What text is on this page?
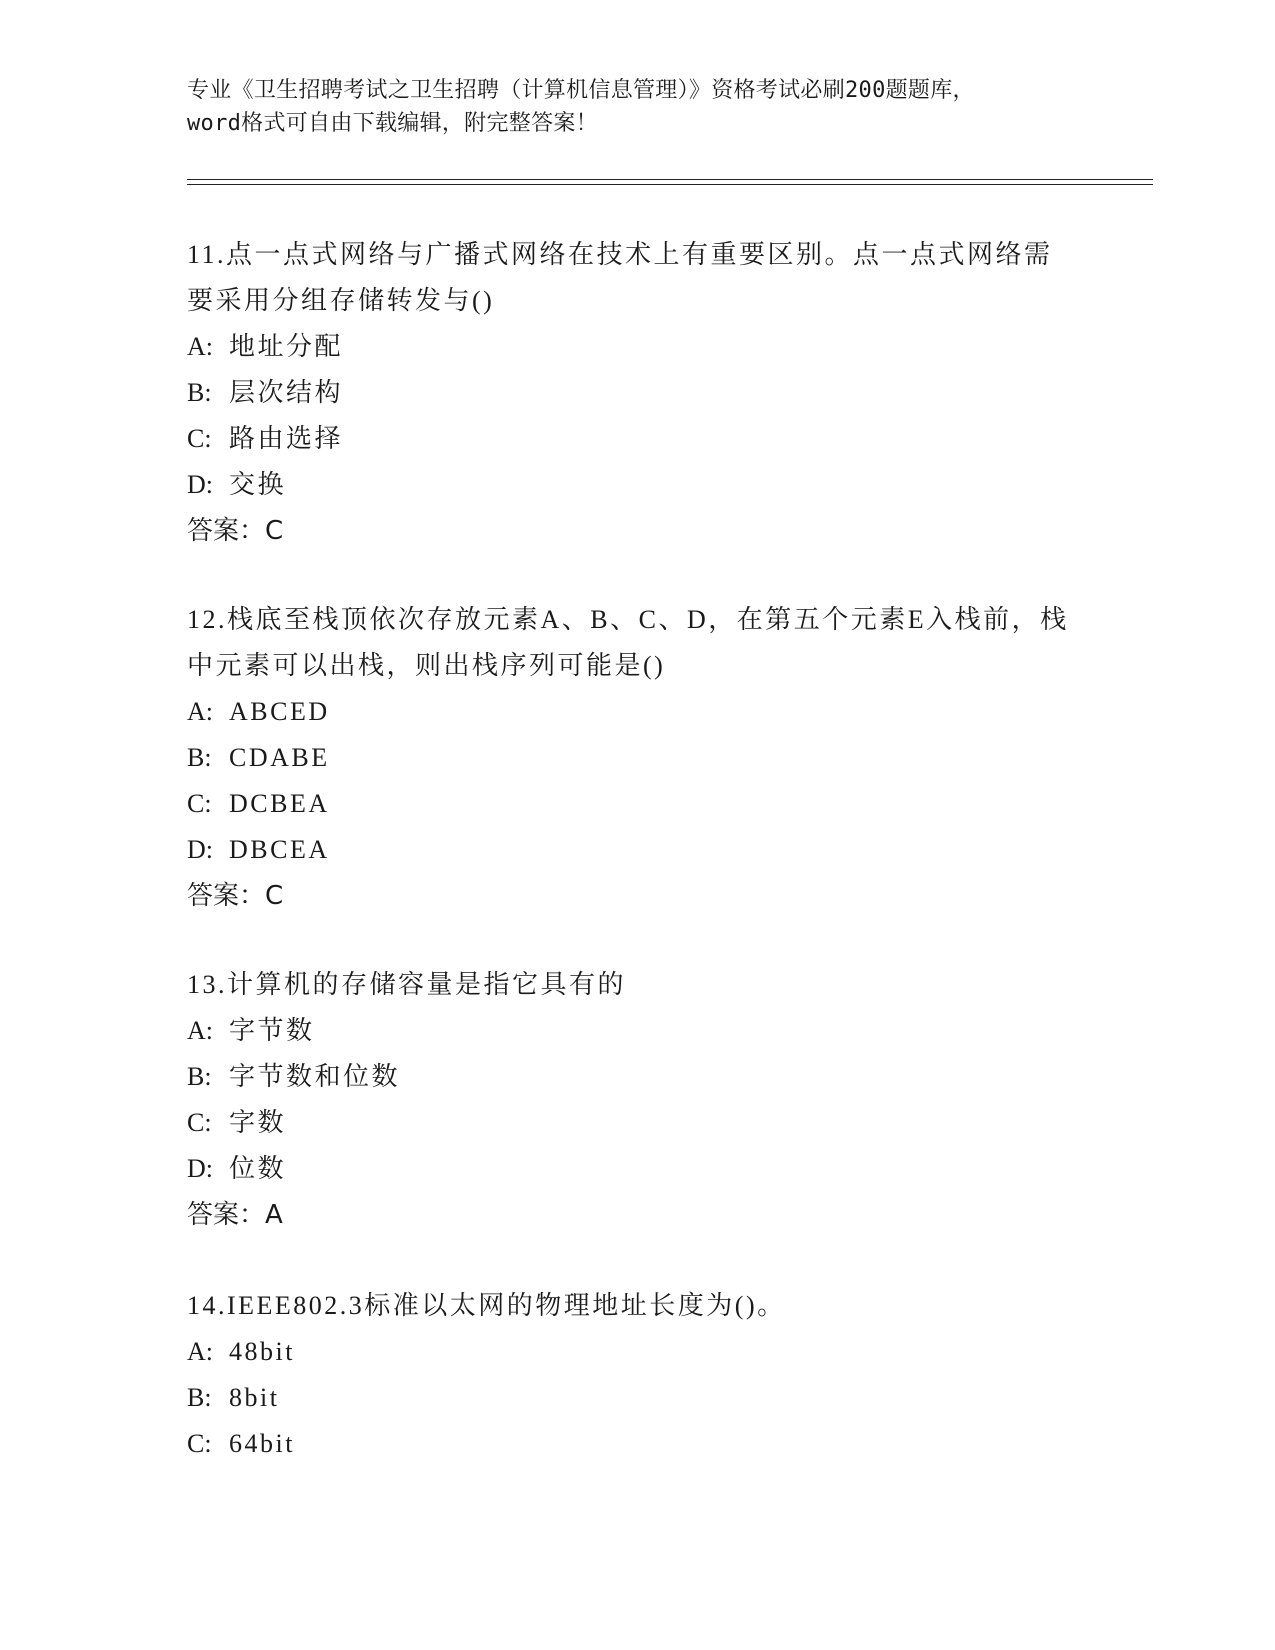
专业《卫生招聘考试之卫生招聘（计算机信息管理）》资格考试必刷200题题库，
word格式可自由下载编辑，附完整答案！
11.点一点式网络与广播式网络在技术上有重要区别。点一点式网络需
要采用分组存储转发与()
A: 地址分配
B: 层次结构
C: 路由选择
D: 交换
答案：C
12.栈底至栈顶依次存放元素A、B、C、D，在第五个元素E入栈前，栈
中元素可以出栈，则出栈序列可能是()
A: ABCED
B: CDABE
C: DCBEA
D: DBCEA
答案：C
13.计算机的存储容量是指它具有的
A: 字节数
B: 字节数和位数
C: 字数
D: 位数
答案：A
14.IEEE802.3标准以太网的物理地址长度为()。
A: 48bit
B: 8bit
C: 64bit
